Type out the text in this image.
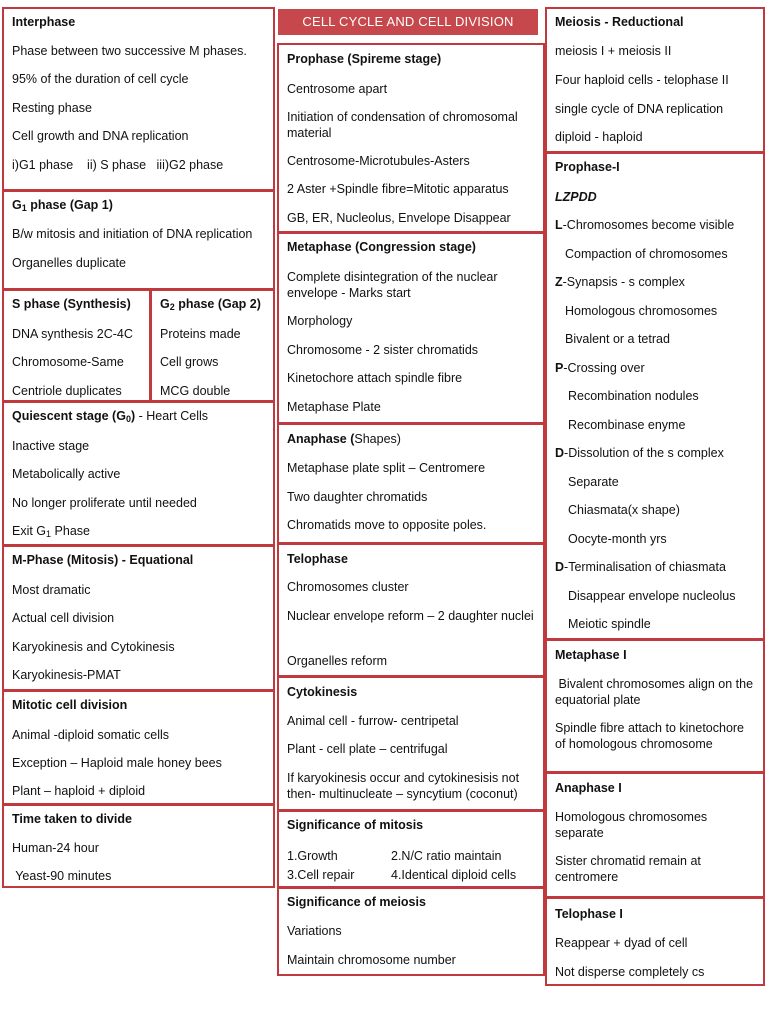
CELL CYCLE AND CELL DIVISION
Interphase
Phase between two successive M phases.
95% of the duration of cell cycle
Resting phase
Cell growth and DNA replication
i)G1 phase    ii) S phase   iii)G2 phase
$G_1$ phase (Gap 1)
B/w mitosis and initiation of DNA replication
Organelles duplicate
S phase (Synthesis)
DNA synthesis 2C-4C
Chromosome-Same
Centriole duplicates
$G_2$ phase (Gap 2)
Proteins made
Cell grows
MCG double
Quiescent stage $(G_0)$ - Heart Cells
Inactive stage
Metabolically active
No longer proliferate until needed
Exit $G_1$ Phase
M-Phase (Mitosis) - Equational
Most dramatic
Actual cell division
Karyokinesis and Cytokinesis
Karyokinesis-PMAT
Mitotic cell division
Animal -diploid somatic cells
Exception – Haploid male honey bees
Plant – haploid + diploid
Time taken to divide
Human-24 hour
Yeast-90 minutes
Prophase (Spireme stage)
Centrosome apart
Initiation of condensation of chromosomal material
Centrosome-Microtubules-Asters
2 Aster +Spindle fibre=Mitotic apparatus
GB, ER, Nucleolus, Envelope Disappear
Metaphase (Congression stage)
Complete disintegration of the nuclear envelope - Marks start
Morphology
Chromosome - 2 sister chromatids
Kinetochore attach spindle fibre
Metaphase Plate
Anaphase (Shapes)
Metaphase plate split – Centromere
Two daughter chromatids
Chromatids move to opposite poles.
Telophase
Chromosomes cluster
Nuclear envelope reform – 2 daughter nuclei
Organelles reform
Cytokinesis
Animal cell - furrow- centripetal
Plant - cell plate – centrifugal
If karyokinesis occur and cytokinesisis not then- multinucleate – syncytium (coconut)
Significance of mitosis
1.Growth	2.N/C ratio maintain
3.Cell repair	4.Identical diploid cells
Significance of meiosis
Variations
Maintain chromosome number
Meiosis - Reductional
meiosis I + meiosis II
Four haploid cells - telophase II
single cycle of DNA replication
diploid - haploid
Prophase-I
LZPDD
L-Chromosomes become visible
Compaction of chromosomes
Z-Synapsis - s complex
Homologous chromosomes
Bivalent or a tetrad
P-Crossing over
Recombination nodules
Recombinase enyme
D-Dissolution of the s complex
Separate
Chiasmata(x shape)
Oocyte-month yrs
D-Terminalisation of chiasmata
Disappear envelope nucleolus
Meiotic spindle
Metaphase I
Bivalent chromosomes align on the equatorial plate
Spindle fibre attach to kinetochore of homologous chromosome
Anaphase I
Homologous chromosomes separate
Sister chromatid remain at centromere
Telophase I
Reappear + dyad of cell
Not disperse completely cs
